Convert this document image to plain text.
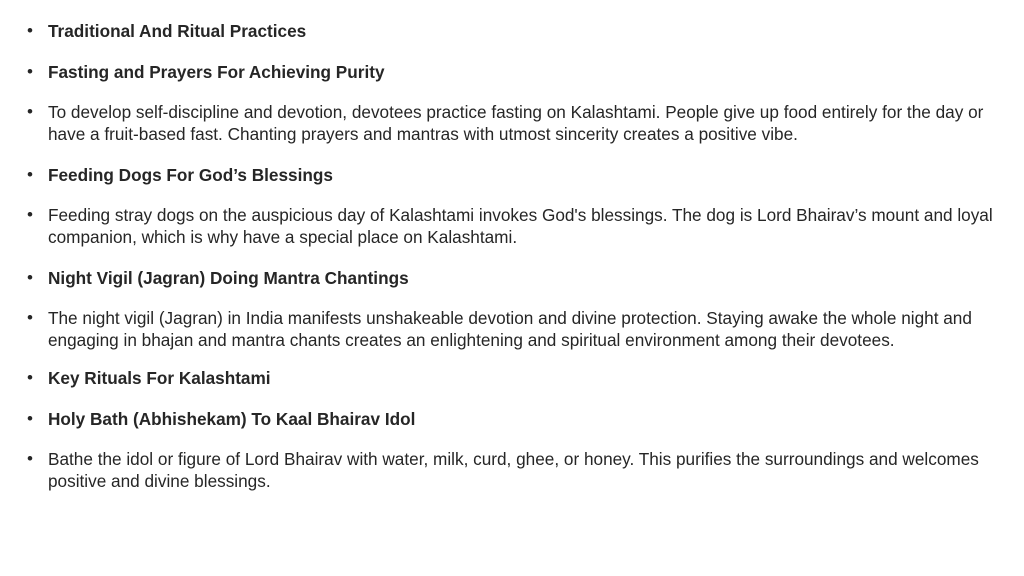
• Traditional And Ritual Practices
• Fasting and Prayers For Achieving Purity
• To develop self-discipline and devotion, devotees practice fasting on Kalashtami. People give up food entirely for the day or have a fruit-based fast. Chanting prayers and mantras with utmost sincerity creates a positive vibe.
• Feeding Dogs For God’s Blessings
• Feeding stray dogs on the auspicious day of Kalashtami invokes God's blessings. The dog is Lord Bhairav’s mount and loyal companion, which is why have a special place on Kalashtami.
• Night Vigil (Jagran) Doing Mantra Chantings
• The night vigil (Jagran) in India manifests unshakeable devotion and divine protection. Staying awake the whole night and engaging in bhajan and mantra chants creates an enlightening and spiritual environment among their devotees.
• Key Rituals For Kalashtami
• Holy Bath (Abhishekam) To Kaal Bhairav Idol
• Bathe the idol or figure of Lord Bhairav with water, milk, curd, ghee, or honey. This purifies the surroundings and welcomes positive and divine blessings.
